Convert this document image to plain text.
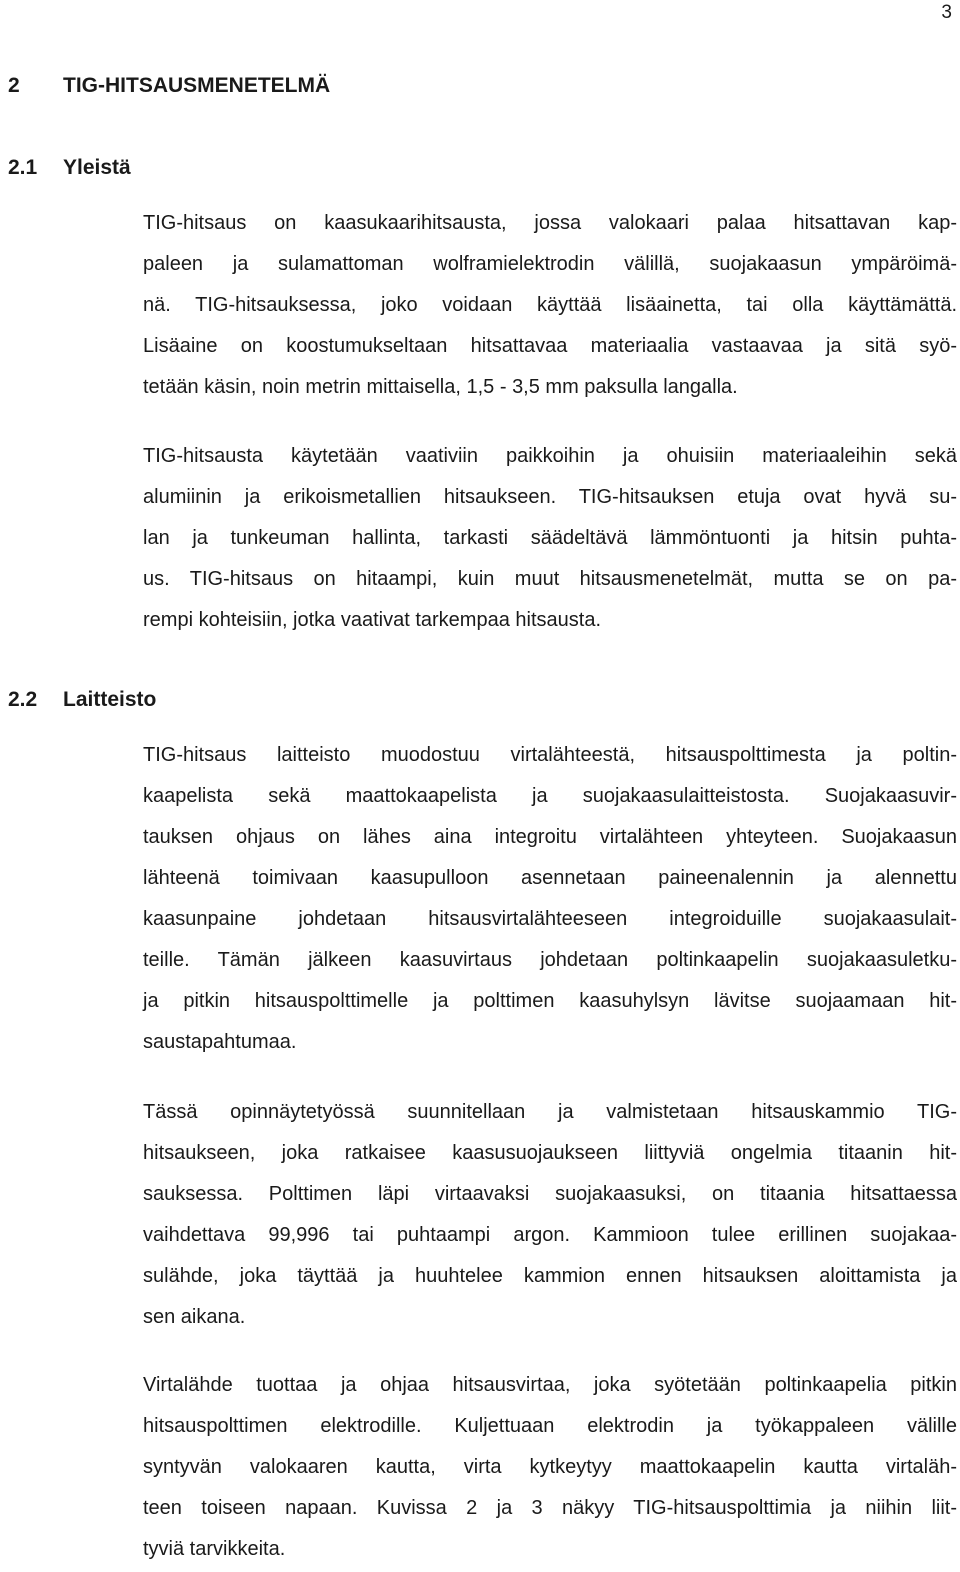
3
2 TIG-HITSAUSMENETELMÄ
2.1 Yleistä

TIG-hitsaus on kaasukaarihitsausta, jossa valokaari palaa hitsattavan kap-
paleen ja sulamattoman wolframielektrodin välillä, suojakaasun ympäröimä-
nä. TIG-hitsauksessa, joko voidaan käyttää lisäainetta, tai olla käyttämättä.
Lisäaine on koostumukseltaan hitsattavaa materiaalia vastaavaa ja sitä syö-
tetään käsin, noin metrin mittaisella, 1,5 - 3,5 mm paksulla langalla.

TIG-hitsausta käytetään vaativiin paikkoihin ja ohuisiin materiaaleihin sekä
alumiinin ja erikoismetallien hitsaukseen. TIG-hitsauksen etuja ovat hyvä su-
lan ja tunkeuman hallinta, tarkasti säädeltävä lämmöntuonti ja hitsin puhta-
us. TIG-hitsaus on hitaampi, kuin muut hitsausmenetelmät, mutta se on pa-
rempi kohteisiin, jotka vaativat tarkempaa hitsausta.

2.2 Laitteisto

TIG-hitsaus laitteisto muodostuu virtalähteestä, hitsauspolttimesta ja poltin-
kaapelista sekä maattokaapelista ja suojakaasulaitteistosta. Suojakaasuvir-
tauksen ohjaus on lähes aina integroitu virtalähteen yhteyteen. Suojakaasun
lähteenä toimivaan kaasupulloon asennetaan paineenalennin ja alennettu
kaasunpaine johdetaan hitsausvirtalähteeseen integroiduille suojakaasulait-
teille. Tämän jälkeen kaasuvirtaus johdetaan poltinkaapelin suojakaasuletku-
ja pitkin hitsauspolttimelle ja polttimen kaasuhylsyn lävitse suojaamaan hit-
saustapahtumaa.

Tässä opinnäytetyössä suunnitellaan ja valmistetaan hitsauskammio TIG-
hitsaukseen, joka ratkaisee kaasusuojaukseen liittyviä ongelmia titaanin hit-
sauksessa. Polttimen läpi virtaavaksi suojakaasuksi, on titaania hitsattaessa
vaihdettava 99,996 tai puhtaampi argon. Kammioon tulee erillinen suojakaa-
sulähde, joka täyttää ja huuhtelee kammion ennen hitsauksen aloittamista ja
sen aikana.

Virtalähde tuottaa ja ohjaa hitsausvirtaa, joka syötetään poltinkaapelia pitkin
hitsauspolttimen elektrodille. Kuljettuaan elektrodin ja työkappaleen välille
syntyvän valokaaren kautta, virta kytkeytyy maattokaapelin kautta virtaläh-
teen toiseen napaan. Kuvissa 2 ja 3 näkyy TIG-hitsauspolttimia ja niihin liit-
tyviä tarvikkeita.
